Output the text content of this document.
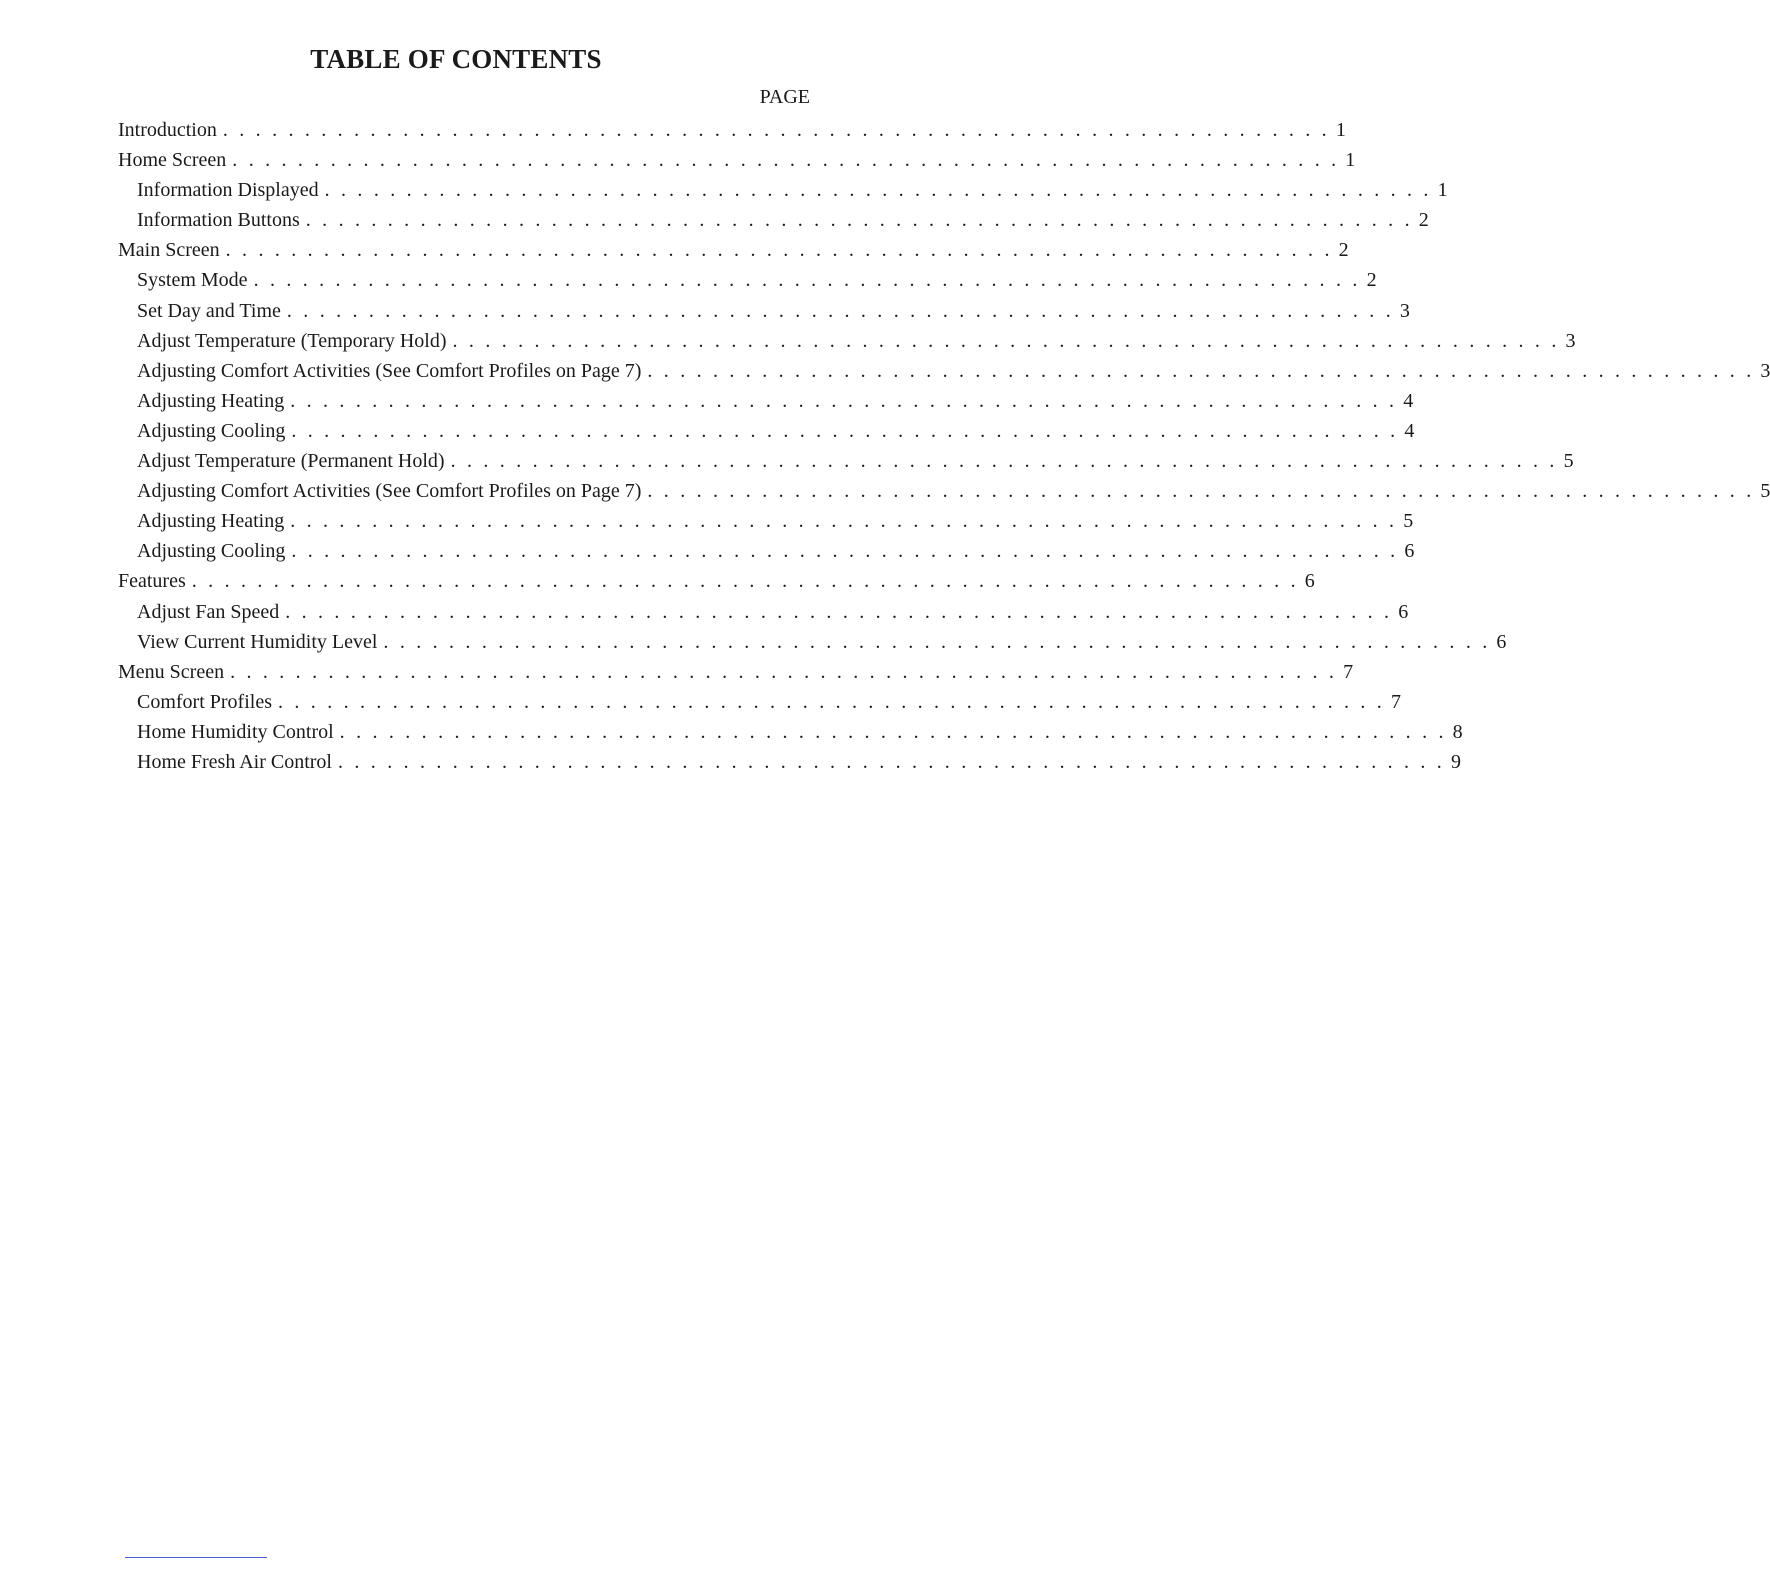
TABLE OF CONTENTS
PAGE
Introduction . . . . . . . . . . . . . . . . . . . . . . . . . . . . . . . . . . . . . . . . . . . . . . . . . . . . . . . . . . . . . . . . . . . . 1
Home Screen . . . . . . . . . . . . . . . . . . . . . . . . . . . . . . . . . . . . . . . . . . . . . . . . . . . . . . . . . . . . . . . . . . . . 1
Information Displayed . . . . . . . . . . . . . . . . . . . . . . . . . . . . . . . . . . . . . . . . . . . . . . . . . . . . . . . . . . . . . . . . . . . . 1
Information Buttons . . . . . . . . . . . . . . . . . . . . . . . . . . . . . . . . . . . . . . . . . . . . . . . . . . . . . . . . . . . . . . . . . . . . 2
Main Screen . . . . . . . . . . . . . . . . . . . . . . . . . . . . . . . . . . . . . . . . . . . . . . . . . . . . . . . . . . . . . . . . . . . . 2
System Mode . . . . . . . . . . . . . . . . . . . . . . . . . . . . . . . . . . . . . . . . . . . . . . . . . . . . . . . . . . . . . . . . . . . . 2
Set Day and Time . . . . . . . . . . . . . . . . . . . . . . . . . . . . . . . . . . . . . . . . . . . . . . . . . . . . . . . . . . . . . . . . . . . . 3
Adjust Temperature (Temporary Hold) . . . . . . . . . . . . . . . . . . . . . . . . . . . . . . . . . . . . . . . . . . . . . . . . . . . . . . . . . . . . . . . . . . . . 3
Adjusting Comfort Activities (See Comfort Profiles on Page 7) . . . . . . . . . . . . . . . . . . . . . . . . . . . . . . . . . . . . . . . . . . . . . . . . . . . . . . . . . . . . . . . . . . . . 3
Adjusting Heating . . . . . . . . . . . . . . . . . . . . . . . . . . . . . . . . . . . . . . . . . . . . . . . . . . . . . . . . . . . . . . . . . . . . 4
Adjusting Cooling . . . . . . . . . . . . . . . . . . . . . . . . . . . . . . . . . . . . . . . . . . . . . . . . . . . . . . . . . . . . . . . . . . . . 4
Adjust Temperature (Permanent Hold) . . . . . . . . . . . . . . . . . . . . . . . . . . . . . . . . . . . . . . . . . . . . . . . . . . . . . . . . . . . . . . . . . . . . 5
Adjusting Comfort Activities (See Comfort Profiles on Page 7) . . . . . . . . . . . . . . . . . . . . . . . . . . . . . . . . . . . . . . . . . . . . . . . . . . . . . . . . . . . . . . . . . . . . 5
Adjusting Heating . . . . . . . . . . . . . . . . . . . . . . . . . . . . . . . . . . . . . . . . . . . . . . . . . . . . . . . . . . . . . . . . . . . . 5
Adjusting Cooling . . . . . . . . . . . . . . . . . . . . . . . . . . . . . . . . . . . . . . . . . . . . . . . . . . . . . . . . . . . . . . . . . . . . 6
Features . . . . . . . . . . . . . . . . . . . . . . . . . . . . . . . . . . . . . . . . . . . . . . . . . . . . . . . . . . . . . . . . . . . . 6
Adjust Fan Speed . . . . . . . . . . . . . . . . . . . . . . . . . . . . . . . . . . . . . . . . . . . . . . . . . . . . . . . . . . . . . . . . . . . . 6
View Current Humidity Level . . . . . . . . . . . . . . . . . . . . . . . . . . . . . . . . . . . . . . . . . . . . . . . . . . . . . . . . . . . . . . . . . . . . 6
Menu Screen . . . . . . . . . . . . . . . . . . . . . . . . . . . . . . . . . . . . . . . . . . . . . . . . . . . . . . . . . . . . . . . . . . . . 7
Comfort Profiles . . . . . . . . . . . . . . . . . . . . . . . . . . . . . . . . . . . . . . . . . . . . . . . . . . . . . . . . . . . . . . . . . . . . 7
Home Humidity Control . . . . . . . . . . . . . . . . . . . . . . . . . . . . . . . . . . . . . . . . . . . . . . . . . . . . . . . . . . . . . . . . . . . . 8
Home Fresh Air Control . . . . . . . . . . . . . . . . . . . . . . . . . . . . . . . . . . . . . . . . . . . . . . . . . . . . . . . . . . . . . . . . . . . . 9
